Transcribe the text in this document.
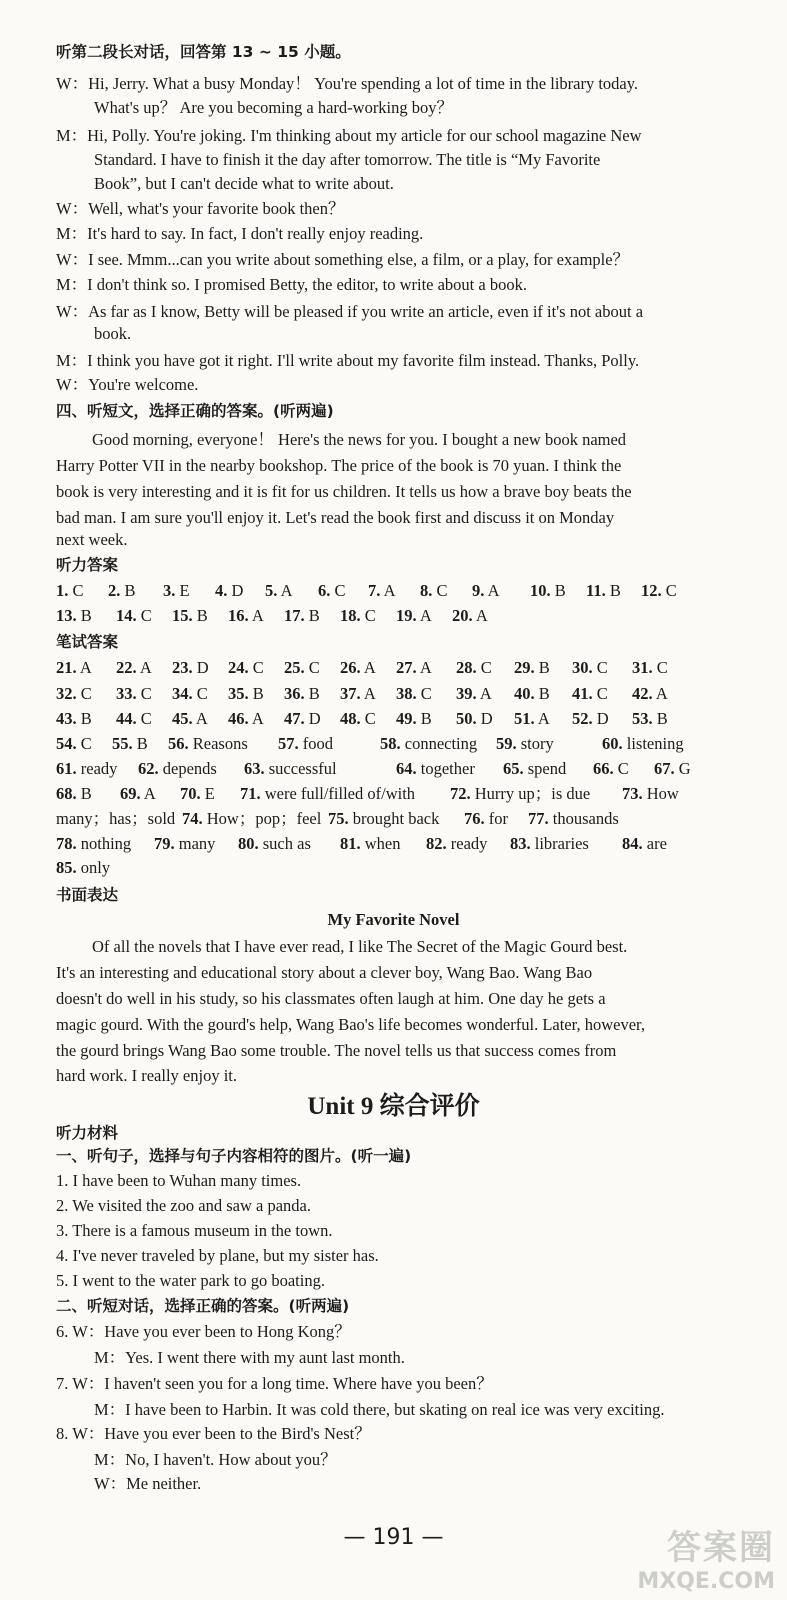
听第二段长对话，回答第 13 ~ 15 小题。
W：Hi, Jerry. What a busy Monday！ You're spending a lot of time in the library today.
What's up？ Are you becoming a hard-working boy？
M：Hi, Polly. You're joking. I'm thinking about my article for our school magazine New
Standard. I have to finish it the day after tomorrow. The title is “My Favorite
Book”, but I can't decide what to write about.
W：Well, what's your favorite book then？
M：It's hard to say. In fact, I don't really enjoy reading.
W：I see. Mmm...can you write about something else, a film, or a play, for example？
M：I don't think so. I promised Betty, the editor, to write about a book.
W：As far as I know, Betty will be pleased if you write an article, even if it's not about a
book.
M：I think you have got it right. I'll write about my favorite film instead. Thanks, Polly.
W：You're welcome.
四、听短文，选择正确的答案。(听两遍)
Good morning, everyone！ Here's the news for you. I bought a new book named
Harry Potter VII in the nearby bookshop. The price of the book is 70 yuan. I think the
book is very interesting and it is fit for us children. It tells us how a brave boy beats the
bad man. I am sure you'll enjoy it. Let's read the book first and discuss it on Monday
next week.
听力答案
1. C 2. B 3. E 4. D 5. A 6. C 7. A 8. C 9. A 10. B 11. B 12. C
13. B 14. C 15. B 16. A 17. B 18. C 19. A 20. A
笔试答案
21. A 22. A 23. D 24. C 25. C 26. A 27. A 28. C 29. B 30. C 31. C
32. C 33. C 34. C 35. B 36. B 37. A 38. C 39. A 40. B 41. C 42. A
43. B 44. C 45. A 46. A 47. D 48. C 49. B 50. D 51. A 52. D 53. B
54. C 55. B 56. Reasons 57. food	58. connecting 59. story	60. listening
61. ready 62. depends 63. successful	64. together 65. spend 66. C 67. G
68. B 69. A 70. E 71. were full/filled of/with 72. Hurry up；is due 73. How
many；has；sold 74. How；pop；feel 75. brought back 76. for 77. thousands
78. nothing 79. many 80. such as 81. when 82. ready 83. libraries 84. are
85. only
书面表达
My Favorite Novel
Of all the novels that I have ever read, I like The Secret of the Magic Gourd best.
It's an interesting and educational story about a clever boy, Wang Bao. Wang Bao
doesn't do well in his study, so his classmates often laugh at him. One day he gets a
magic gourd. With the gourd's help, Wang Bao's life becomes wonderful. Later, however,
the gourd brings Wang Bao some trouble. The novel tells us that success comes from
hard work. I really enjoy it.
Unit 9 综合评价
听力材料
一、听句子，选择与句子内容相符的图片。(听一遍)
1. I have been to Wuhan many times.
2. We visited the zoo and saw a panda.
3. There is a famous museum in the town.
4. I've never traveled by plane, but my sister has.
5. I went to the water park to go boating.
二、听短对话，选择正确的答案。(听两遍)
6. W：Have you ever been to Hong Kong？
M：Yes. I went there with my aunt last month.
7. W：I haven't seen you for a long time. Where have you been？
M：I have been to Harbin. It was cold there, but skating on real ice was very exciting.
8. W：Have you ever been to the Bird's Nest？
M：No, I haven't. How about you？
W：Me neither.
— 191 —	答案圈
MXQE.COM
